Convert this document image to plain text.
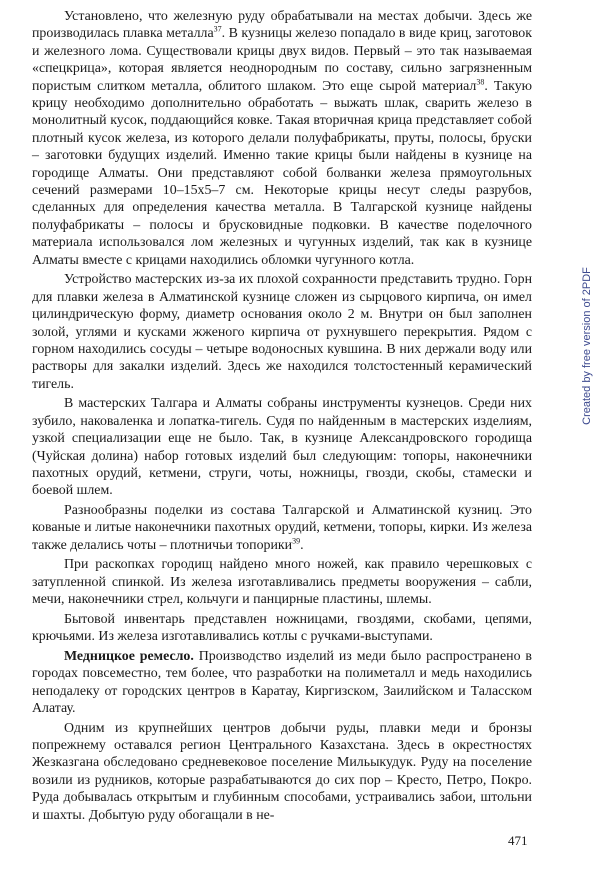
Установлено, что железную руду обрабатывали на местах добычи. Здесь же производилась плавка металла$^{37}$. В кузницы железо попадало в виде криц, заготовок и железного лома. Существовали крицы двух видов. Первый – это так называемая «спецкрица», которая является неоднородным по составу, сильно загрязненным пористым слитком металла, облитого шлаком. Это еще сырой материал$^{38}$. Такую крицу необходимо дополнительно обработать – выжать шлак, сварить железо в монолитный кусок, поддающийся ковке. Такая вторичная крица представляет собой плотный кусок железа, из которого делали полуфабрикаты, пруты, полосы, бруски – заготовки будущих изделий. Именно такие крицы были найдены в кузнице на городище Алматы. Они представляют собой болванки железа прямоугольных сечений размерами 10–15x5–7 см. Некоторые крицы несут следы разрубов, сделанных для определения качества металла. В Талгарской кузнице найдены полуфабрикаты – полосы и брусковидные подковки. В качестве поделочного материала использовался лом железных и чугунных изделий, так как в кузнице Алматы вместе с крицами находились обломки чугунного котла.

Устройство мастерских из-за их плохой сохранности представить трудно. Горн для плавки железа в Алматинской кузнице сложен из сырцового кирпича, он имел цилиндрическую форму, диаметр основания около 2 м. Внутри он был заполнен золой, углями и кусками жженого кирпича от рухнувшего перекрытия. Рядом с горном находились сосуды – четыре водоносных кувшина. В них держали воду или растворы для закалки изделий. Здесь же находился толстостенный керамический тигель.

В мастерских Талгара и Алматы собраны инструменты кузнецов. Среди них зубило, наковаленка и лопатка-тигель. Судя по найденным в мастерских изделиям, узкой специализации еще не было. Так, в кузнице Александровского городища (Чуйская долина) набор готовых изделий был следующим: топоры, наконечники пахотных орудий, кетмени, струги, чоты, ножницы, гвозди, скобы, стамески и боевой шлем.

Разнообразны поделки из состава Талгарской и Алматинской кузниц. Это кованые и литые наконечники пахотных орудий, кетмени, топоры, кирки. Из железа также делались чоты – плотничьи топорики$^{39}$.

При раскопках городищ найдено много ножей, как правило черешковых с затупленной спинкой. Из железа изготавливались предметы вооружения – сабли, мечи, наконечники стрел, кольчуги и панцирные пластины, шлемы.

Бытовой инвентарь представлен ножницами, гвоздями, скобами, цепями, крючьями. Из железа изготавливались котлы с ручками-выступами.

Медницкое ремесло. Производство изделий из меди было распространено в городах повсеместно, тем более, что разработки на полиметалл и медь находились неподалеку от городских центров в Каратау, Киргизском, Заилийском и Таласском Алатау.

Одним из крупнейших центров добычи руды, плавки меди и бронзы попрежнему оставался регион Центрального Казахстана. Здесь в окрестностях Жезказгана обследовано средневековое поселение Мильыкудук. Руду на поселение возили из рудников, которые разрабатываются до сих пор – Кресто, Петро, Покро. Руда добывалась открытым и глубинным способами, устраивались забои, штольни и шахты. Добытую руду обогащали в не-

471
Created by free version of 2PDF
